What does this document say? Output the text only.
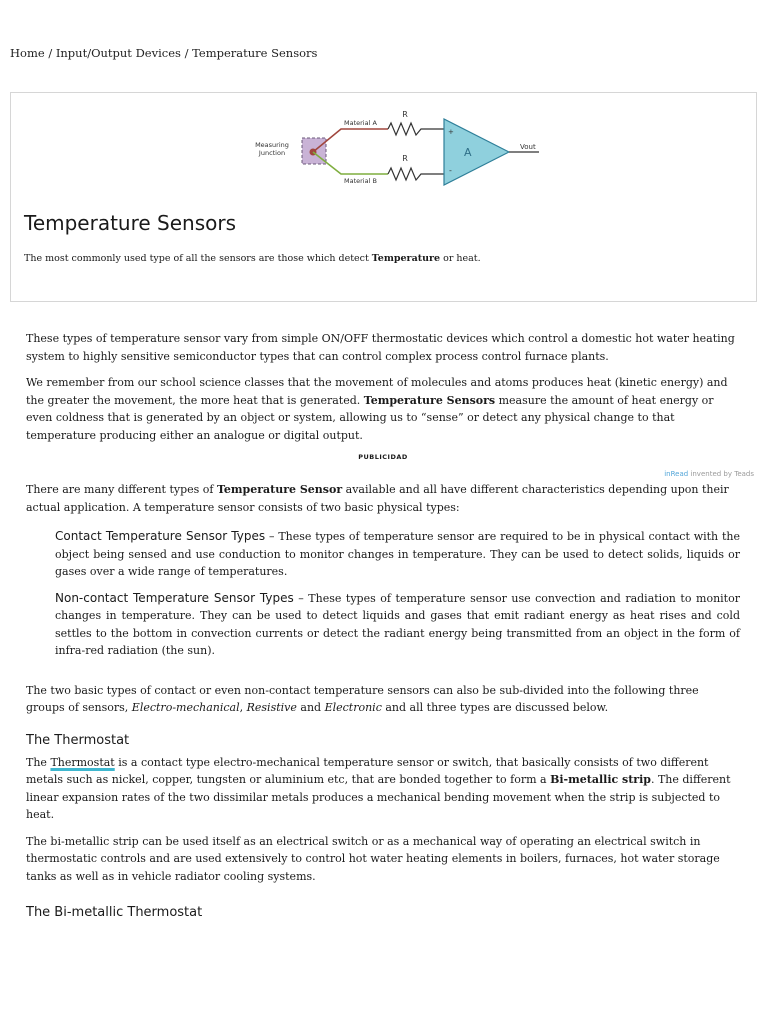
Home / Input/Output Devices / Temperature Sensors
Measuring
Junction
Material A
Material B
R
R
+
-
A	Vout
Temperature Sensors

The most commonly used type of all the sensors are those which detect Temperature or heat.

These types of temperature sensor vary from simple ON/OFF thermostatic devices which control a domestic hot water heating system to highly sensitive semiconductor types that can control complex process control furnace plants.

We remember from our school science classes that the movement of molecules and atoms produces heat (kinetic energy) and the greater the movement, the more heat that is generated. Temperature Sensors measure the amount of heat energy or even coldness that is generated by an object or system, allowing us to “sense” or detect any physical change to that temperature producing either an analogue or digital output.

PUBLICIDAD
inRead invented by Teads

There are many different types of Temperature Sensor available and all have different characteristics depending upon their actual application. A temperature sensor consists of two basic physical types:

Contact Temperature Sensor Types – These types of temperature sensor are required to be in physical contact with the object being sensed and use conduction to monitor changes in temperature. They can be used to detect solids, liquids or gases over a wide range of temperatures.

Non-contact Temperature Sensor Types – These types of temperature sensor use convection and radiation to monitor changes in temperature. They can be used to detect liquids and gases that emit radiant energy as heat rises and cold settles to the bottom in convection currents or detect the radiant energy being transmitted from an object in the form of infra-red radiation (the sun).

The two basic types of contact or even non-contact temperature sensors can also be sub-divided into the following three groups of sensors, Electro-mechanical, Resistive and Electronic and all three types are discussed below.

The Thermostat

The Thermostat is a contact type electro-mechanical temperature sensor or switch, that basically consists of two different metals such as nickel, copper, tungsten or aluminium etc, that are bonded together to form a Bi-metallic strip. The different linear expansion rates of the two dissimilar metals produces a mechanical bending movement when the strip is subjected to heat.

The bi-metallic strip can be used itself as an electrical switch or as a mechanical way of operating an electrical switch in thermostatic controls and are used extensively to control hot water heating elements in boilers, furnaces, hot water storage tanks as well as in vehicle radiator cooling systems.

The Bi-metallic Thermostat
